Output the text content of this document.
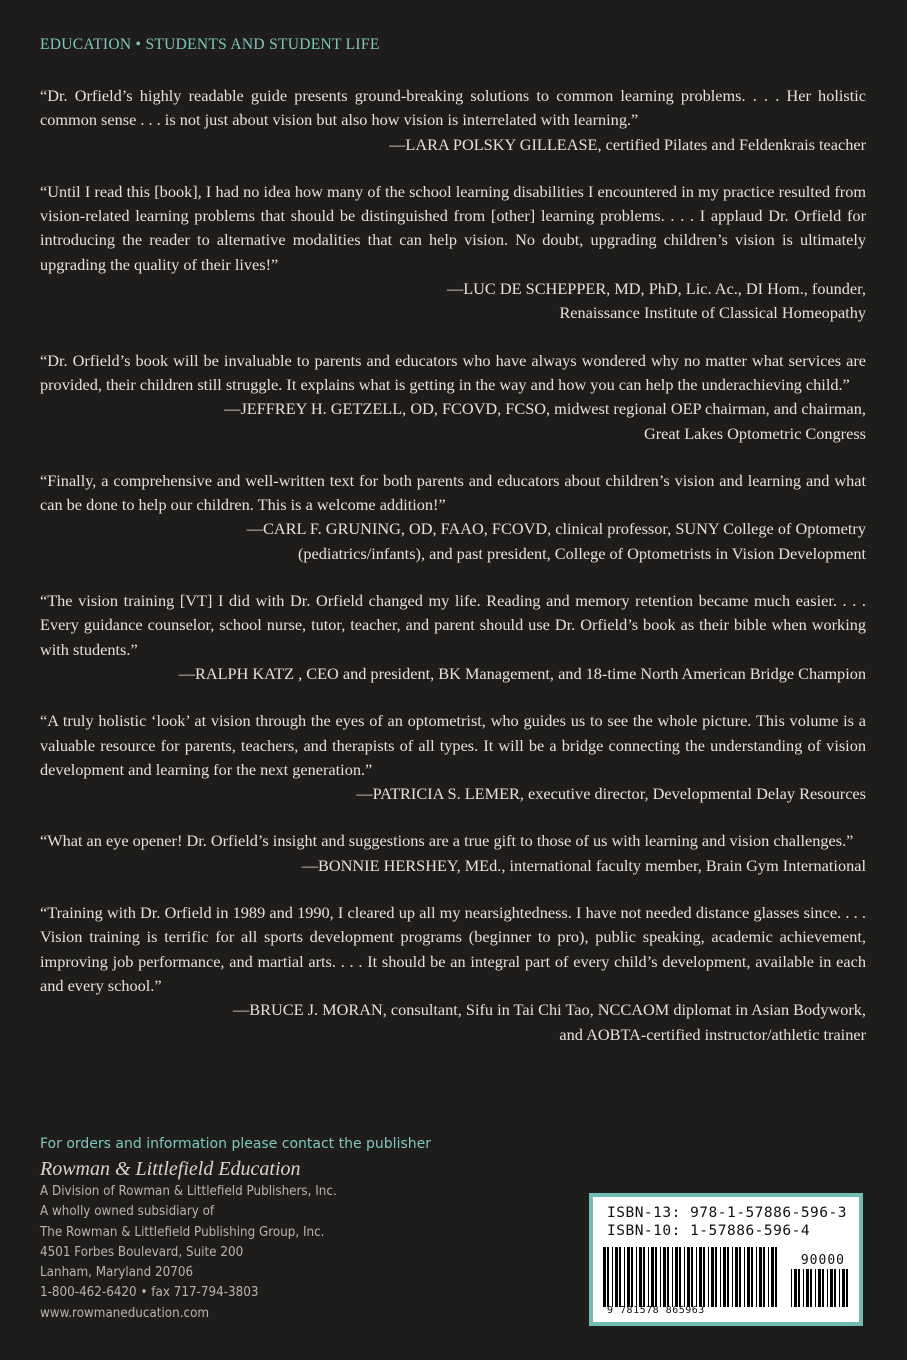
EDUCATION • STUDENTS AND STUDENT LIFE

“Dr. Orfield’s highly readable guide presents ground-breaking solutions to common learning problems. . . . Her holistic common sense . . . is not just about vision but also how vision is interrelated with learning.”

—LARA POLSKY GILLEASE, certified Pilates and Feldenkrais teacher

“Until I read this [book], I had no idea how many of the school learning disabilities I encountered in my practice resulted from vision-related learning problems that should be distinguished from [other] learning problems. . . . I applaud Dr. Orfield for introducing the reader to alternative modalities that can help vision. No doubt, upgrading children’s vision is ultimately upgrading the quality of their lives!”

—LUC DE SCHEPPER, MD, PhD, Lic. Ac., DI Hom., founder,

Renaissance Institute of Classical Homeopathy

“Dr. Orfield’s book will be invaluable to parents and educators who have always wondered why no matter what services are provided, their children still struggle. It explains what is getting in the way and how you can help the underachieving child.”

—JEFFREY H. GETZELL, OD, FCOVD, FCSO, midwest regional OEP chairman, and chairman,

Great Lakes Optometric Congress

“Finally, a comprehensive and well-written text for both parents and educators about children’s vision and learning and what can be done to help our children. This is a welcome addition!”

—CARL F. GRUNING, OD, FAAO, FCOVD, clinical professor, SUNY College of Optometry

(pediatrics/infants), and past president, College of Optometrists in Vision Development

“The vision training [VT] I did with Dr. Orfield changed my life. Reading and memory retention became much easier. . . . Every guidance counselor, school nurse, tutor, teacher, and parent should use Dr. Orfield’s book as their bible when working with students.”

—RALPH KATZ , CEO and president, BK Management, and 18-time North American Bridge Champion

“A truly holistic ‘look’ at vision through the eyes of an optometrist, who guides us to see the whole picture. This volume is a valuable resource for parents, teachers, and therapists of all types. It will be a bridge connecting the understanding of vision development and learning for the next generation.”

—PATRICIA S. LEMER, executive director, Developmental Delay Resources

“What an eye opener! Dr. Orfield’s insight and suggestions are a true gift to those of us with learning and vision challenges.”

—BONNIE HERSHEY, MEd., international faculty member, Brain Gym International

“Training with Dr. Orfield in 1989 and 1990, I cleared up all my nearsightedness. I have not needed distance glasses since. . . . Vision training is terrific for all sports development programs (beginner to pro), public speaking, academic achievement, improving job performance, and martial arts. . . . It should be an integral part of every child’s development, available in each and every school.”

—BRUCE J. MORAN, consultant, Sifu in Tai Chi Tao, NCCAOM diplomat in Asian Bodywork,

and AOBTA-certified instructor/athletic trainer

For orders and information please contact the publisher
Rowman & Littlefield Education
A Division of Rowman & Littlefield Publishers, Inc.
A wholly owned subsidiary of
The Rowman & Littlefield Publishing Group, Inc.
4501 Forbes Boulevard, Suite 200
Lanham, Maryland 20706
1-800-462-6420 • fax 717-794-3803
www.rowmaneducation.com
ISBN-13: 978-1-57886-596-3
ISBN-10: 1-57886-596-4
90000
9 781578 865963
